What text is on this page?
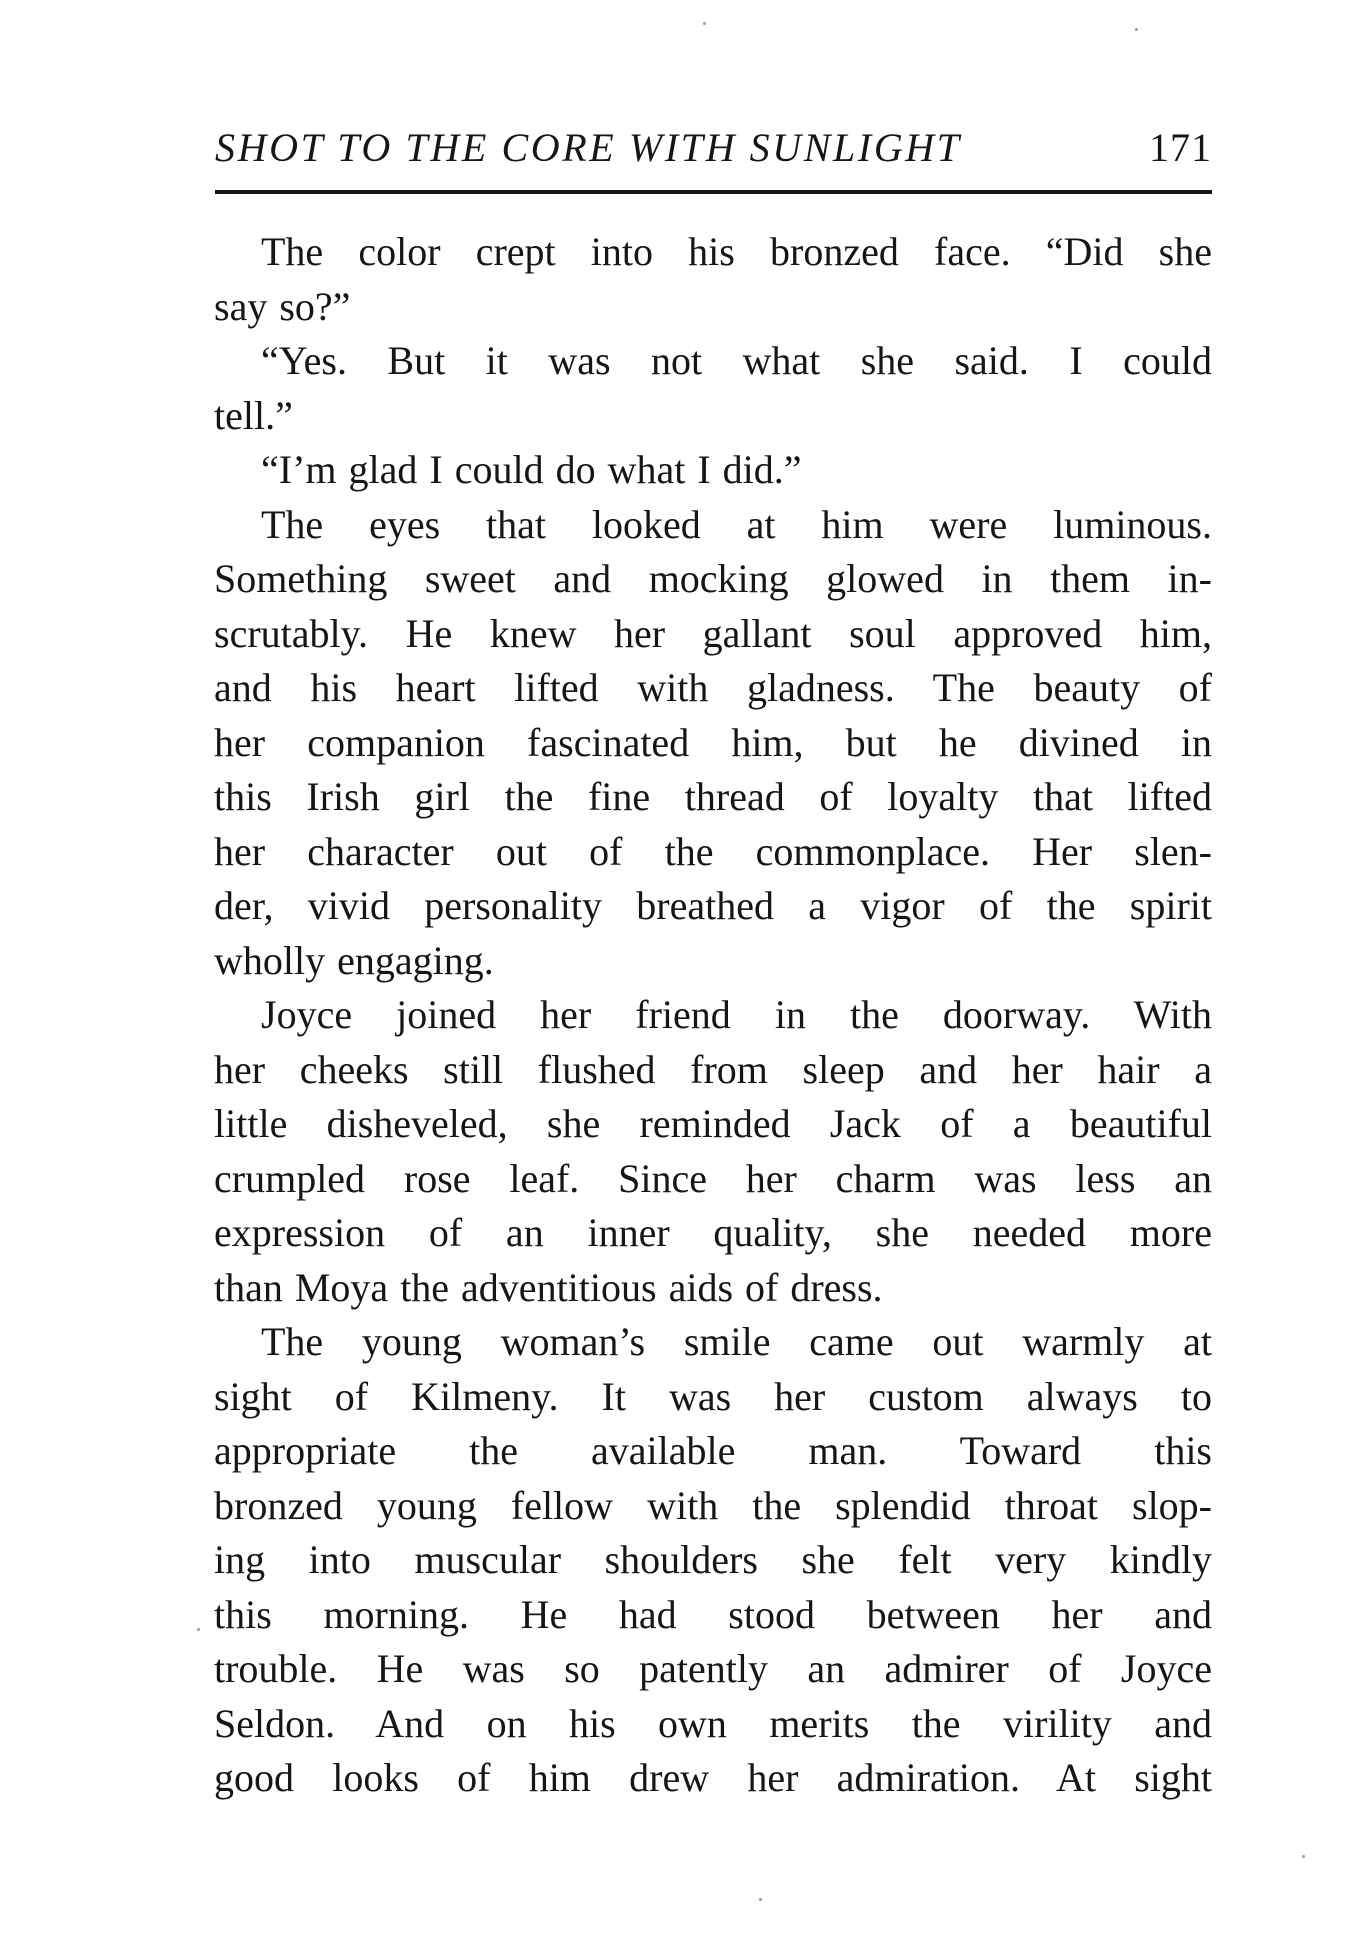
SHOT TO THE CORE WITH SUNLIGHT	171
The color crept into his bronzed face. “Did she
say so?”
“Yes. But it was not what she said. I could
tell.”
“I’m glad I could do what I did.”
The eyes that looked at him were luminous.
Something sweet and mocking glowed in them in-
scrutably. He knew her gallant soul approved him,
and his heart lifted with gladness. The beauty of
her companion fascinated him, but he divined in
this Irish girl the fine thread of loyalty that lifted
her character out of the commonplace. Her slen-
der, vivid personality breathed a vigor of the spirit
wholly engaging.
Joyce joined her friend in the doorway. With
her cheeks still flushed from sleep and her hair a
little disheveled, she reminded Jack of a beautiful
crumpled rose leaf. Since her charm was less an
expression of an inner quality, she needed more
than Moya the adventitious aids of dress.
The young woman’s smile came out warmly at
sight of Kilmeny. It was her custom always to
appropriate the available man. Toward this
bronzed young fellow with the splendid throat slop-
ing into muscular shoulders she felt very kindly
this morning. He had stood between her and
trouble. He was so patently an admirer of Joyce
Seldon. And on his own merits the virility and
good looks of him drew her admiration. At sight
